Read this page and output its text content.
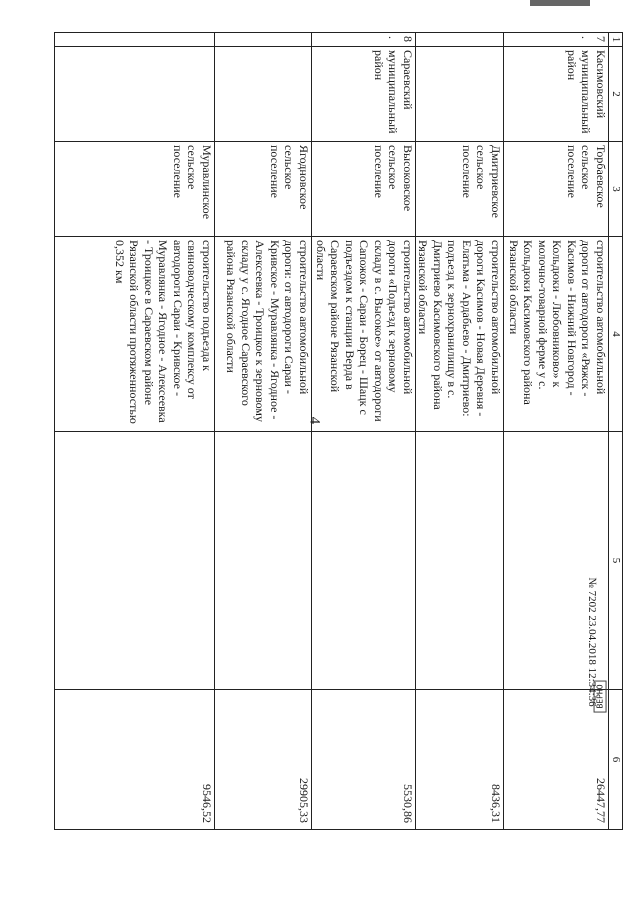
4
1	2	3	4	5	6
7.	Касимовский муниципальный район	Торбаевское сельское поселение	строительство автомобильной дороги от автодороги «Ряжск - Касимов - Нижний Новгород - Кольдюки - Любовниково» к молочно-товарной ферме у с. Кольдюки Касимовского района Рязанской области		26447,77
		Дмитриевское сельское поселение	строительство автомобильной дороги Касимов - Новая Деревня - Елатьма - Ардабьево - Дмитриево: подъезд к зернохранилищу в с. Дмитриево Касимовского района Рязанской области		8436,31
8.	Сараевский муниципальный район	Высоковское сельское поселение	строительство автомобильной дороги «Подъезд к зерновому складу в с. Высокое» от автодороги Сапожок - Сараи - Борец - Шацк с подъездом к станции Верда в Сараевском районе Рязанской области		5530,86
		Ягодновское сельское поселение	строительство автомобильной дороги: от автодороги Сараи - Кривское - Муравлянка - Ягодное - Алексеевка - Троицкое к зерновому складу у с. Ягодное Сараевского района Рязанской области		29905,33
		Муравлинское сельское поселение	строительство подъезда к свиноводческому комплексу от автодороги Сараи - Кривское - Муравлянка - Ягодное - Алексеевка - Троицкое в Сараевском районе Рязанской области протяженностью 0,352 км		9546,52
ВЕРНО
№ 7202 23.04.2018 12:34:36
